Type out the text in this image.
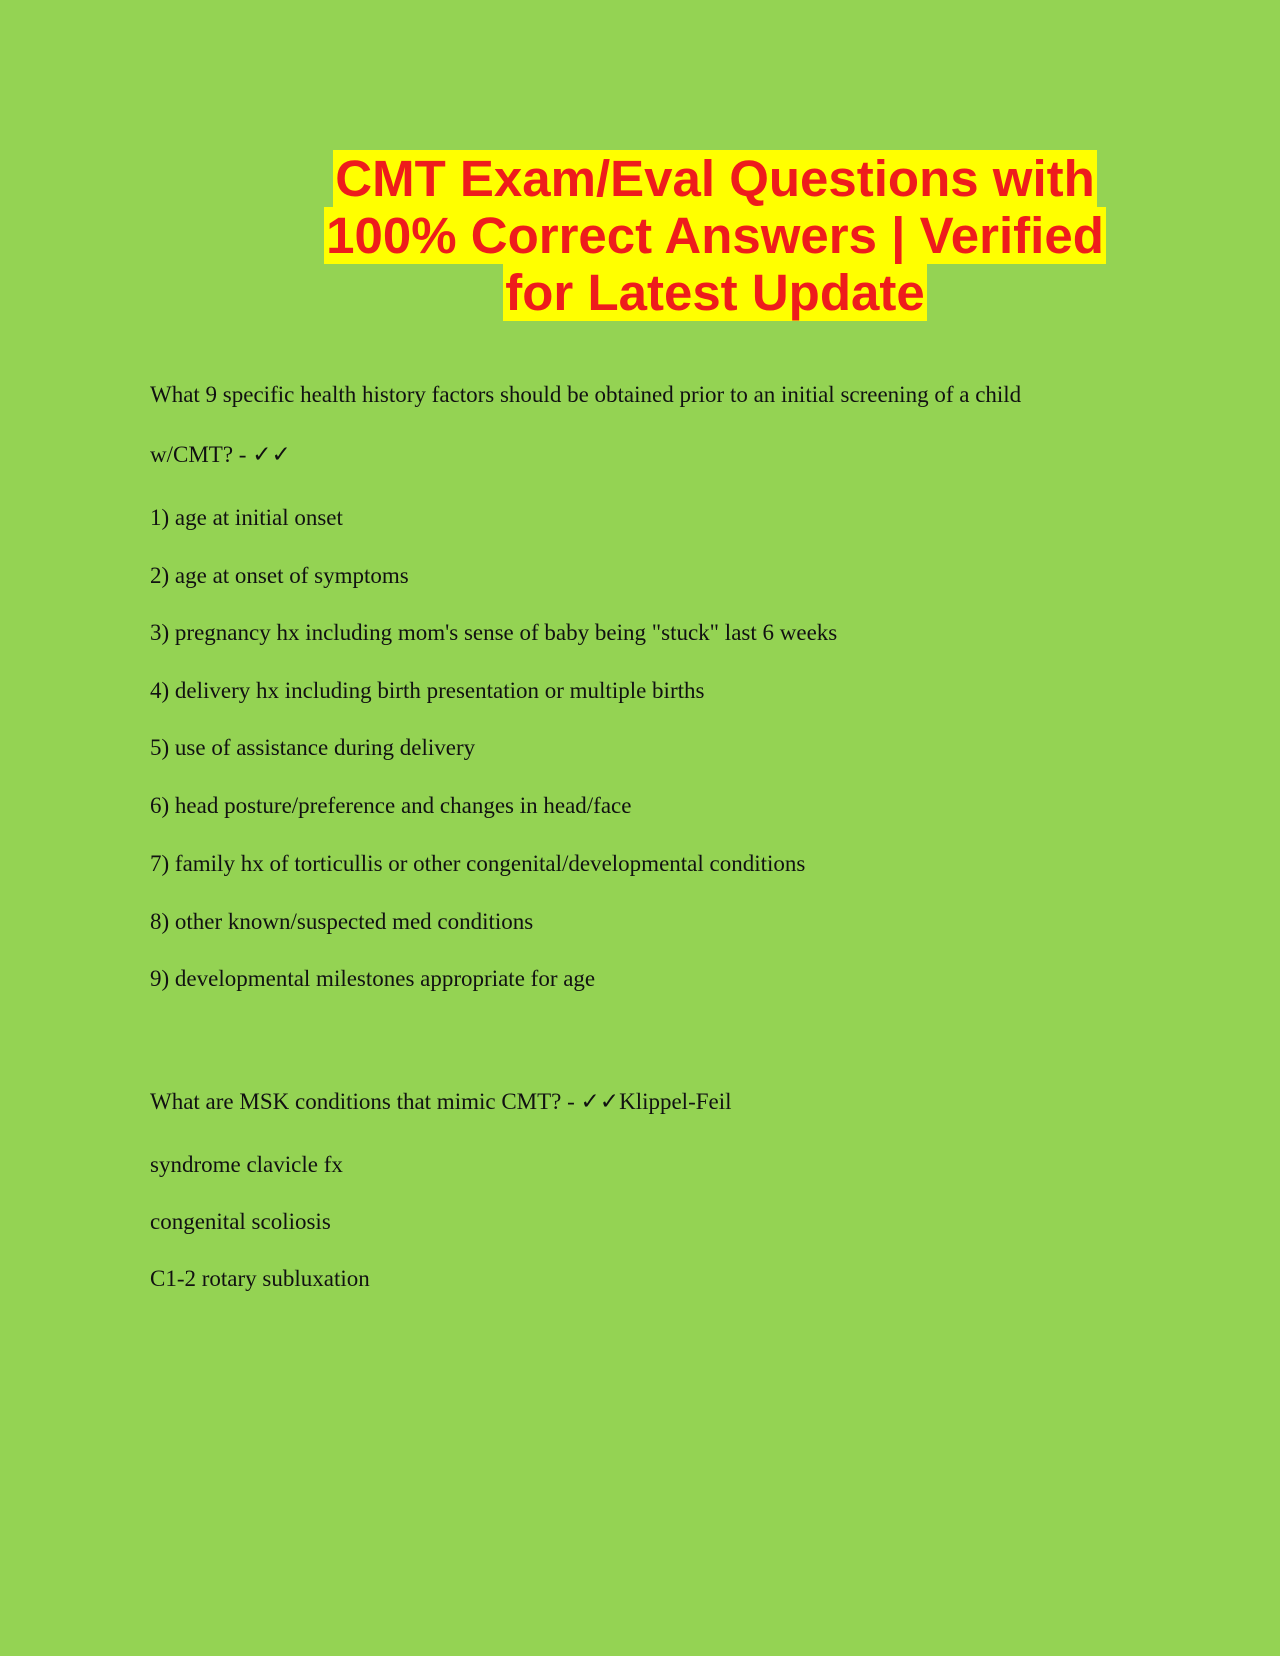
CMT Exam/Eval Questions with
100% Correct Answers | Verified
for Latest Update
What 9 specific health history factors should be obtained prior to an initial screening of a child
w/CMT? - ✓✓
1) age at initial onset
2) age at onset of symptoms
3) pregnancy hx including mom's sense of baby being "stuck" last 6 weeks
4) delivery hx including birth presentation or multiple births
5) use of assistance during delivery
6) head posture/preference and changes in head/face
7) family hx of torticullis or other congenital/developmental conditions
8) other known/suspected med conditions
9) developmental milestones appropriate for age
What are MSK conditions that mimic CMT? - ✓✓Klippel-Feil
syndrome clavicle fx
congenital scoliosis
C1-2 rotary subluxation
